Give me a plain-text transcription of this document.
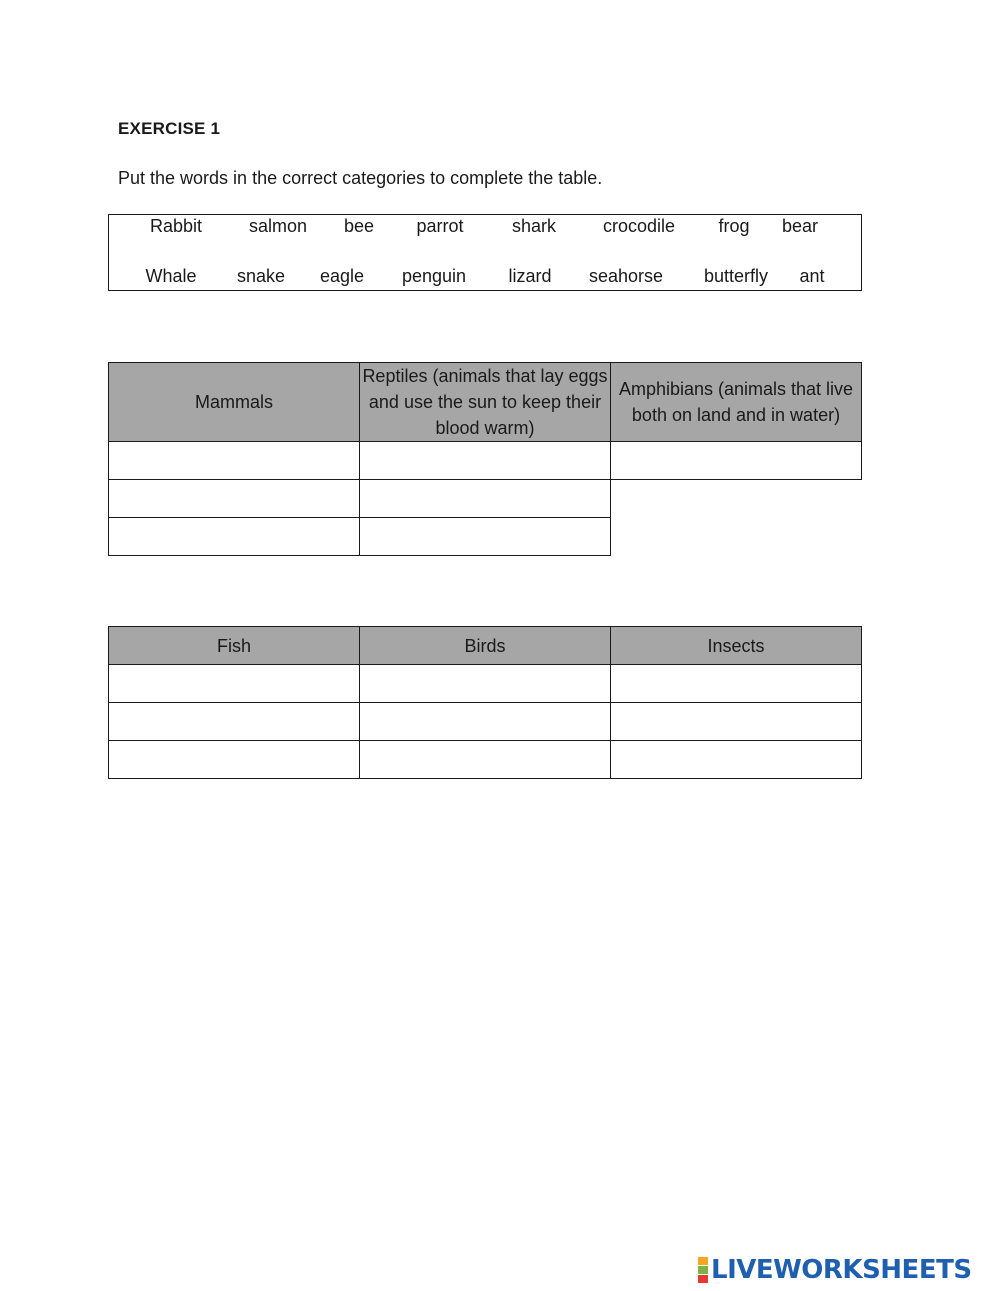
EXERCISE 1
Put the words in the correct categories to complete the table.
Rabbit	salmon bee parrot	shark	crocodile frog bear
Whale snake eagle penguin lizard seahorse butterfly ant
Mammals	Reptiles (animals that lay eggs and use the sun to keep their blood warm)	Amphibians (animals that live both on land and in water)

Fish	Birds	Insects

LIVEWORKSHEETS
